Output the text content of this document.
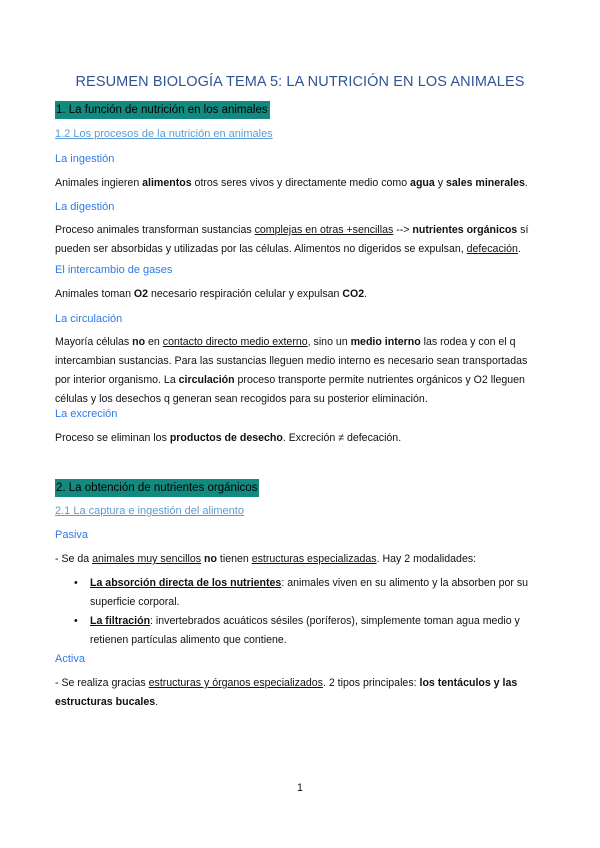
RESUMEN BIOLOGÍA TEMA 5: LA NUTRICIÓN EN LOS ANIMALES
1. La función de nutrición en los animales
1.2 Los procesos de la nutrición en animales
La ingestión
Animales ingieren alimentos otros seres vivos y directamente medio como agua y sales minerales.
La digestión
Proceso animales transforman sustancias complejas en otras +sencillas --> nutrientes orgánicos sí
pueden ser absorbidas y utilizadas por las células. Alimentos no digeridos se expulsan, defecación.
El intercambio de gases
Animales toman O2 necesario respiración celular y expulsan CO2.
La circulación
Mayoría células no en contacto directo medio externo, sino un medio interno las rodea y con el q
intercambian sustancias. Para las sustancias lleguen medio interno es necesario sean transportadas
por interior organismo. La circulación proceso transporte permite nutrientes orgánicos y O2 lleguen
células y los desechos q generan sean recogidos para su posterior eliminación.
La excreción
Proceso se eliminan los productos de desecho. Excreción ≠ defecación.
2. La obtención de nutrientes orgánicos
2.1 La captura e ingestión del alimento
Pasiva
- Se da animales muy sencillos no tienen estructuras especializadas. Hay 2 modalidades:
• La absorción directa de los nutrientes: animales viven en su alimento y la absorben por su
superficie corporal.
• La filtración: invertebrados acuáticos sésiles (poríferos), simplemente toman agua medio y
retienen partículas alimento que contiene.
Activa
- Se realiza gracias estructuras y órganos especializados. 2 tipos principales: los tentáculos y las
estructuras bucales.
1
